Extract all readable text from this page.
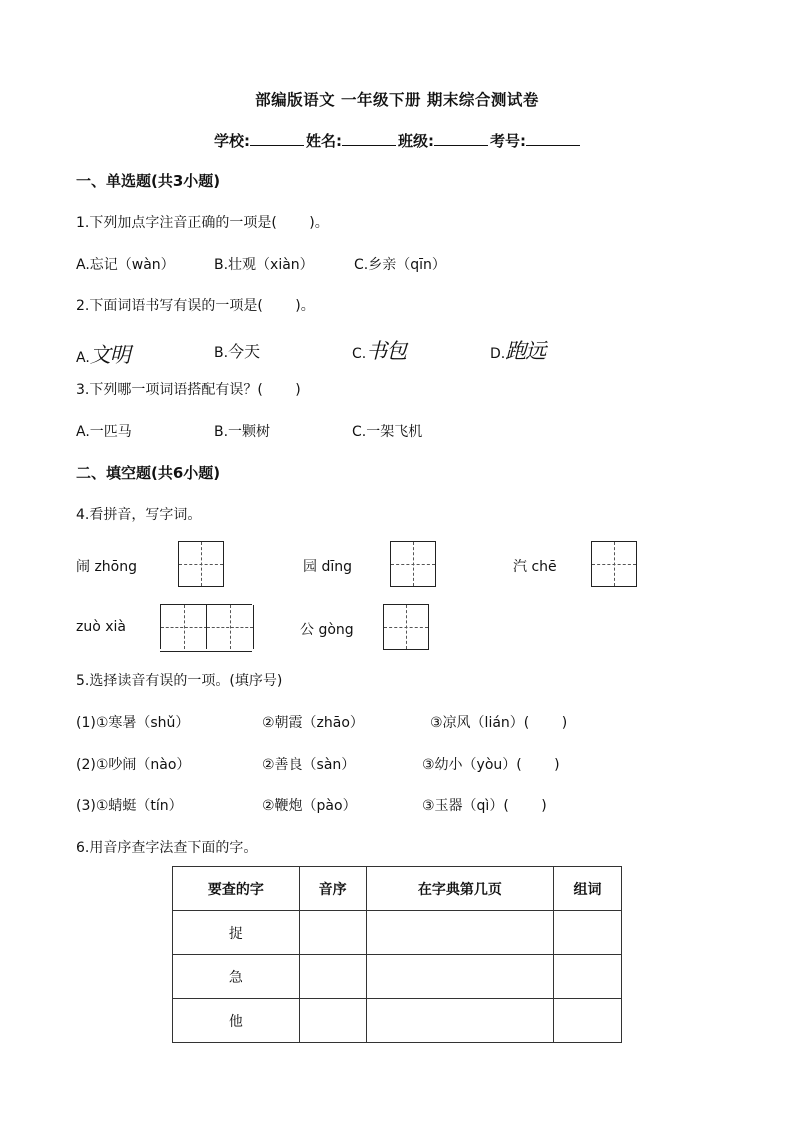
部编版语文 一年级下册 期末综合测试卷
学校:	姓名:	班级:	考号:
一、单选题(共3小题)
1.下列加点字注音正确的一项是(　　 )。
A.忘记（wàn）	B.壮观（xiàn）	C.乡亲（qīn）
2.下面词语书写有误的一项是(　　 )。
A.文明	B.今天	C.书包	D.跑远
3.下列哪一项词语搭配有误？(　　 )
A.一匹马	B.一颗树	C.一架飞机
二、填空题(共6小题)
4.看拼音，写字词。
闹 zhōng	园 dīng	汽 chē
zuò xià	公 gòng
5.选择读音有误的一项。(填序号)
(1)①寒暑（shǔ）	②朝霞（zhāo）	③凉风（lián）(　　 )
(2)①吵闹（nào）	②善良（sàn）	③幼小（yòu）(　　 )
(3)①蜻蜓（tín）	②鞭炮（pào）	③玉器（qì）(　　 )
6.用音序查字法查下面的字。
要查的字	音序	在字典第几页	组词
捉			
急			
他			
